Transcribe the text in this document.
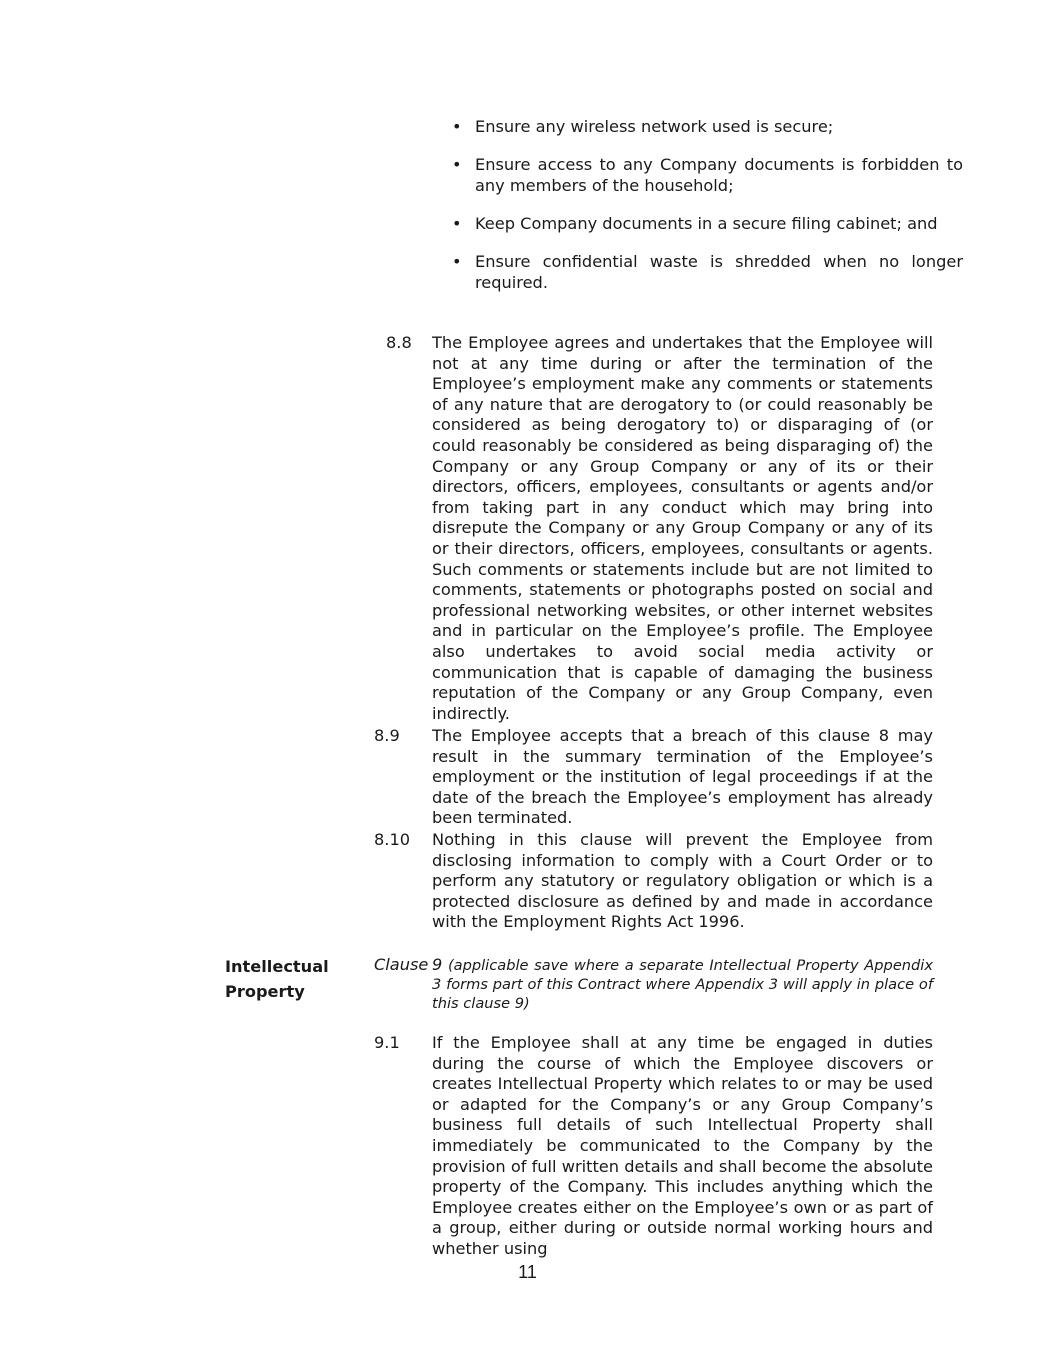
• Ensure any wireless network used is secure;
• Ensure access to any Company documents is forbidden to any members of the household;
• Keep Company documents in a secure filing cabinet; and
• Ensure confidential waste is shredded when no longer required.
8.8 The Employee agrees and undertakes that the Employee will not at any time during or after the termination of the Employee’s employment make any comments or statements of any nature that are derogatory to (or could reasonably be considered as being derogatory to) or disparaging of (or could reasonably be considered as being disparaging of) the Company or any Group Company or any of its or their directors, officers, employees, consultants or agents and/or from taking part in any conduct which may bring into disrepute the Company or any Group Company or any of its or their directors, officers, employees, consultants or agents. Such comments or statements include but are not limited to comments, statements or photographs posted on social and professional networking websites, or other internet websites and in particular on the Employee’s profile. The Employee also undertakes to avoid social media activity or communication that is capable of damaging the business reputation of the Company or any Group Company, even indirectly.
8.9 The Employee accepts that a breach of this clause 8 may result in the summary termination of the Employee’s employment or the institution of legal proceedings if at the date of the breach the Employee’s employment has already been terminated.
8.10 Nothing in this clause will prevent the Employee from disclosing information to comply with a Court Order or to perform any statutory or regulatory obligation or which is a protected disclosure as defined by and made in accordance with the Employment Rights Act 1996.
Intellectual Property
Clause 9 (applicable save where a separate Intellectual Property Appendix 3 forms part of this Contract where Appendix 3 will apply in place of this clause 9)
9.1 If the Employee shall at any time be engaged in duties during the course of which the Employee discovers or creates Intellectual Property which relates to or may be used or adapted for the Company’s or any Group Company’s business full details of such Intellectual Property shall immediately be communicated to the Company by the provision of full written details and shall become the absolute property of the Company. This includes anything which the Employee creates either on the Employee’s own or as part of a group, either during or outside normal working hours and whether using
11
